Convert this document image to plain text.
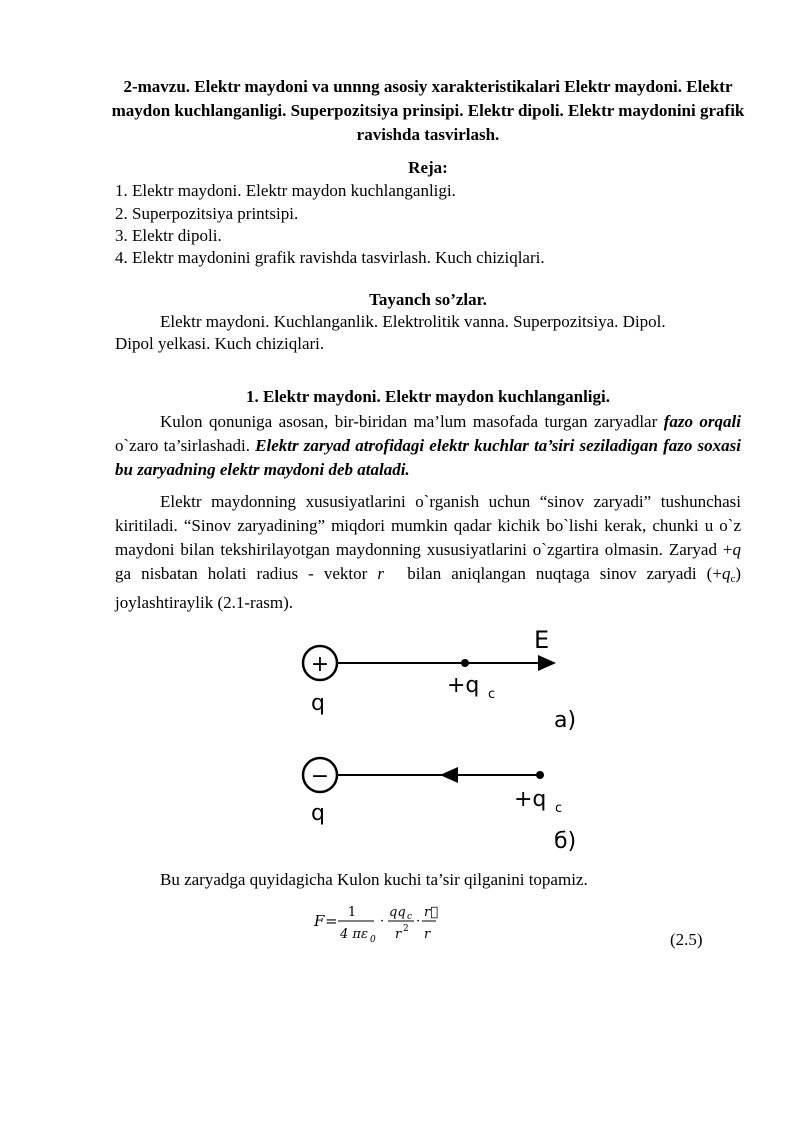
2-mavzu. Elektr maydoni va unnng asosiy xarakteristikalari Elektr maydoni. Elektr maydon kuchlanganligi. Superpozitsiya prinsipi. Elektr dipoli. Elektr maydonini grafik ravishda tasvirlash.
Reja:
1. Elektr maydoni. Elektr maydon kuchlanganligi.
2. Superpozitsiya printsipi.
3. Elektr dipoli.
4. Elektr maydonini grafik ravishda tasvirlash. Kuch chiziqlari.
Tayanch so’zlar.
Elektr maydoni. Kuchlanganlik. Elektrolitik vanna. Superpozitsiya. Dipol.
Dipol yelkasi. Kuch chiziqlari.
1. Elektr maydoni. Elektr maydon kuchlanganligi.
Kulon qonuniga asosan, bir-biridan ma’lum masofada turgan zaryadlar fazo orqali o`zaro ta’sirlashadi. Elektr zaryad atrofidagi elektr kuchlar ta’siri seziladigan fazo soxasi bu zaryadning elektr maydoni deb ataladi.
Elektr maydonning xususiyatlarini o`rganish uchun “sinov zaryadi” tushunchasi kiritiladi. “Sinov zaryadining” miqdori mumkin qadar kichik bo`lishi kerak, chunki u o`z maydoni bilan tekshirilayotgan maydonning xususiyatlarini o`zgartira olmasin. Zaryad +q ga nisbatan holati radius - vektor r⃗ bilan aniqlangan nuqtaga sinov zaryadi $(+q_c)$ joylashtiraylik (2.1-rasm).
+
E
q
+q c
a)
−
q
+q c
б)
Bu zaryadga quyidagicha Kulon kuchi ta’sir qilganini topamiz.
F = 1
4 πε 0
·
qq c
r 2 ·
r⃗
r	(2.5)
